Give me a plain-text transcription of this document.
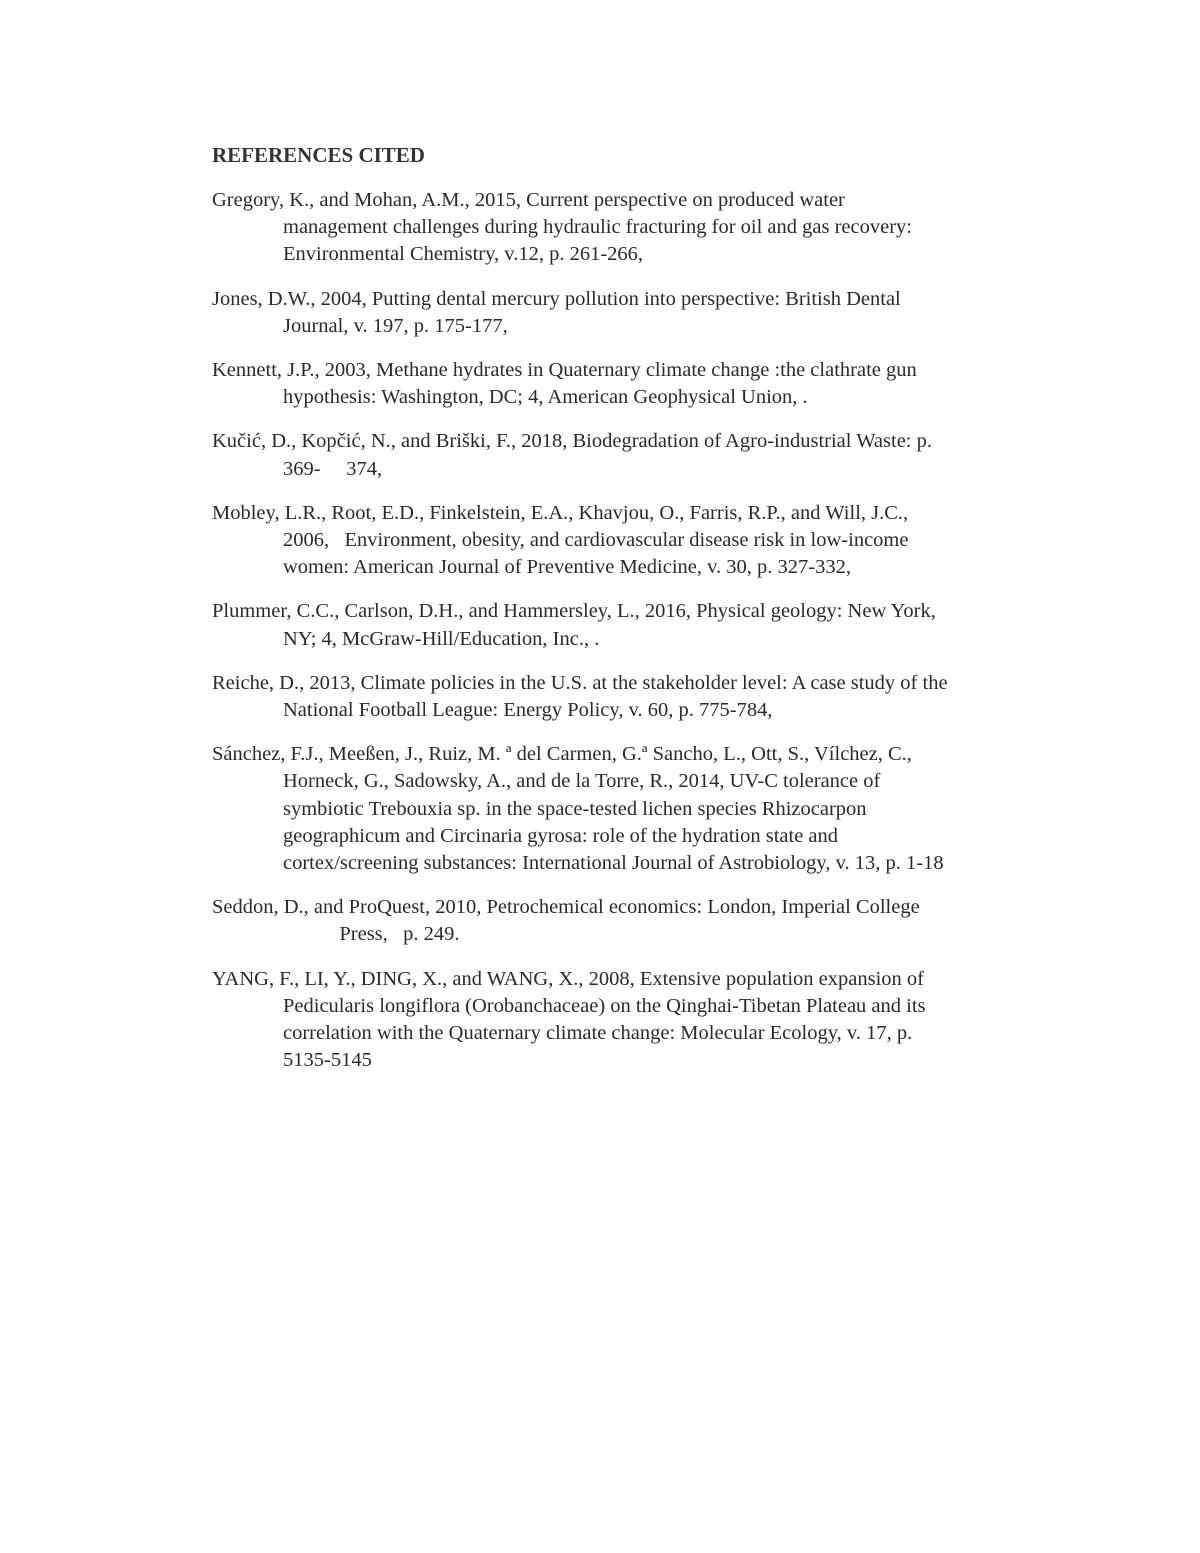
REFERENCES CITED

Gregory, K., and Mohan, A.M., 2015, Current perspective on produced water
management challenges during hydraulic fracturing for oil and gas recovery:
Environmental Chemistry, v.12, p. 261-266,

Jones, D.W., 2004, Putting dental mercury pollution into perspective: British Dental
Journal, v. 197, p. 175-177,

Kennett, J.P., 2003, Methane hydrates in Quaternary climate change :the clathrate gun
hypothesis: Washington, DC; 4, American Geophysical Union, .

Kučić, D., Kopčić, N., and Briški, F., 2018, Biodegradation of Agro-industrial Waste: p.
369-     374,

Mobley, L.R., Root, E.D., Finkelstein, E.A., Khavjou, O., Farris, R.P., and Will, J.C.,
2006,   Environment, obesity, and cardiovascular disease risk in low-income
women: American Journal of Preventive Medicine, v. 30, p. 327-332,

Plummer, C.C., Carlson, D.H., and Hammersley, L., 2016, Physical geology: New York,
NY; 4, McGraw-Hill/Education, Inc., .

Reiche, D., 2013, Climate policies in the U.S. at the stakeholder level: A case study of the
National Football League: Energy Policy, v. 60, p. 775-784,

Sánchez, F.J., Meeßen, J., Ruiz, M. ª del Carmen, G.ª Sancho, L., Ott, S., Vílchez, C.,
Horneck, G., Sadowsky, A., and de la Torre, R., 2014, UV-C tolerance of
symbiotic Trebouxia sp. in the space-tested lichen species Rhizocarpon
geographicum and Circinaria gyrosa: role of the hydration state and
cortex/screening substances: International Journal of Astrobiology, v. 13, p. 1-18

Seddon, D., and ProQuest, 2010, Petrochemical economics: London, Imperial College
Press,   p. 249.

YANG, F., LI, Y., DING, X., and WANG, X., 2008, Extensive population expansion of
Pedicularis longiflora (Orobanchaceae) on the Qinghai-Tibetan Plateau and its
correlation with the Quaternary climate change: Molecular Ecology, v. 17, p.
5135-5145
